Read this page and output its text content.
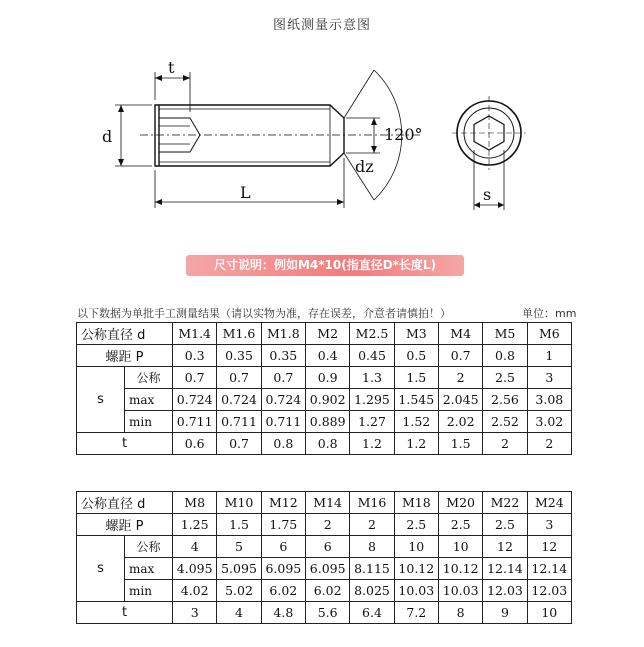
图纸测量示意图
t
d	120°
dz
L	s
尺寸说明：例如M4*10(指直径D*长度L)
以下数据为单批手工测量结果（请以实物为准，存在误差，介意者请慎拍！）	单位：mm
公称直径 d		M1.4	M1.6	M1.8	M2	M2.5	M3	M4	M5	M6
螺距 P		0.3	0.35	0.35	0.4	0.45	0.5	0.7	0.8	1
s	公称	0.7	0.7	0.7	0.9	1.3	1.5	2	2.5	3
	max	0.724	0.724	0.724	0.902	1.295	1.545	2.045	2.56	3.08
	min	0.711	0.711	0.711	0.889	1.27	1.52	2.02	2.52	3.02
t		0.6	0.7	0.8	0.8	1.2	1.2	1.5	2	2
公称直径 d		M8	M10	M12	M14	M16	M18	M20	M22	M24
螺距 P		1.25	1.5	1.75	2	2	2.5	2.5	2.5	3
s	公称	4	5	6	6	8	10	10	12	12
	max	4.095	5.095	6.095	6.095	8.115	10.12	10.12	12.14	12.14
	min	4.02	5.02	6.02	6.02	8.025	10.03	10.03	12.03	12.03
t		3	4	4.8	5.6	6.4	7.2	8	9	10
